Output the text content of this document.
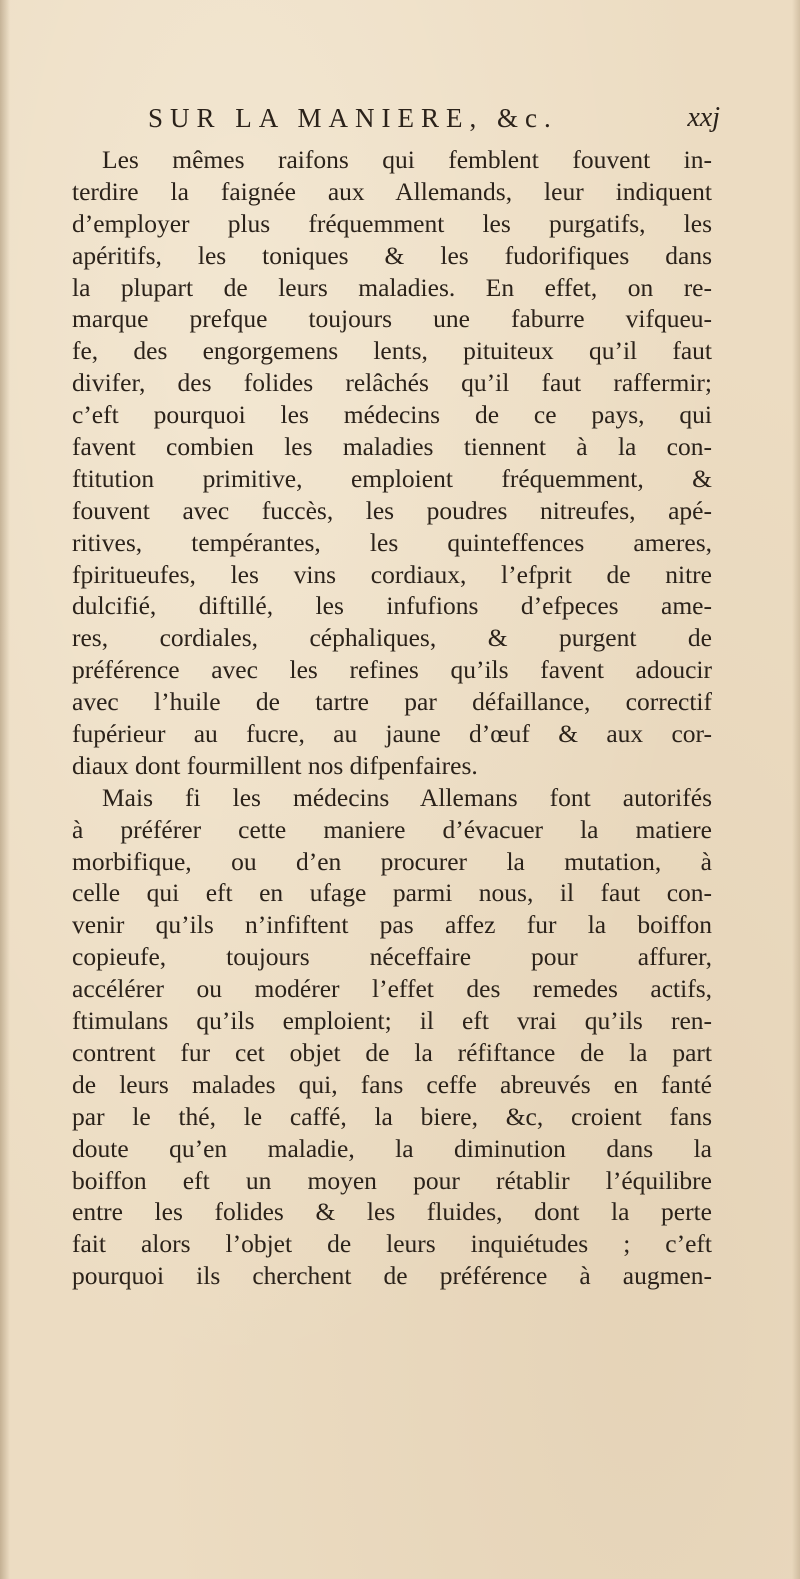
SUR LA MANIERE, &c.	xxj
Les mêmes raifons qui femblent fouvent in-
terdire la faignée aux Allemands, leur indiquent
d’employer plus fréquemment les purgatifs, les
apéritifs, les toniques & les fudorifiques dans
la plupart de leurs maladies. En effet, on re-
marque prefque toujours une faburre vifqueu-
fe, des engorgemens lents, pituiteux qu’il faut
divifer, des folides relâchés qu’il faut raffermir;
c’eft pourquoi les médecins de ce pays, qui
favent combien les maladies tiennent à la con-
ftitution primitive, emploient fréquemment, &
fouvent avec fuccès, les poudres nitreufes, apé-
ritives, tempérantes, les quinteffences ameres,
fpiritueufes, les vins cordiaux, l’efprit de nitre
dulcifié, diftillé, les infufions d’efpeces ame-
res, cordiales, céphaliques, & purgent de
préférence avec les refines qu’ils favent adoucir
avec l’huile de tartre par défaillance, correctif
fupérieur au fucre, au jaune d’œuf & aux cor-
diaux dont fourmillent nos difpenfaires.
Mais fi les médecins Allemans font autorifés
à préférer cette maniere d’évacuer la matiere
morbifique, ou d’en procurer la mutation, à
celle qui eft en ufage parmi nous, il faut con-
venir qu’ils n’infiftent pas affez fur la boiffon
copieufe, toujours néceffaire pour affurer,
accélérer ou modérer l’effet des remedes actifs,
ftimulans qu’ils emploient; il eft vrai qu’ils ren-
contrent fur cet objet de la réfiftance de la part
de leurs malades qui, fans ceffe abreuvés en fanté
par le thé, le caffé, la biere, &c, croient fans
doute qu’en maladie, la diminution dans la
boiffon eft un moyen pour rétablir l’équilibre
entre les folides & les fluides, dont la perte
fait alors l’objet de leurs inquiétudes ; c’eft
pourquoi ils cherchent de préférence à augmen-
